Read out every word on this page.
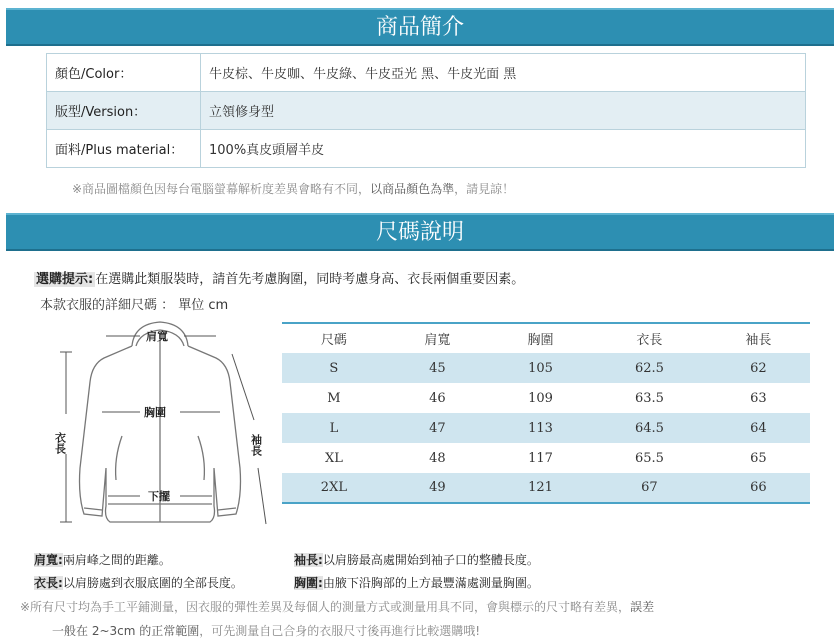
商品簡介
顏色/Color：	牛皮棕、牛皮咖、牛皮綠、牛皮亞光 黑、牛皮光面 黑
版型/Version：	立領修身型
面料/Plus material：	100%真皮頭層羊皮
※商品圖檔顏色因每台電腦螢幕解析度差異會略有不同，以商品顏色為準，請見諒！
尺碼說明
選購提示: 在選購此類服裝時，請首先考慮胸圍，同時考慮身高、衣長兩個重要因素。
本款衣服的詳細尺碼 ： 單位 cm
肩寬
胸圍
下擺
衣長	袖長
尺碼	肩寬	胸圍	衣長	袖長
S	45	105	62.5	62
M	46	109	63.5	63
L	47	113	64.5	64
XL	48	117	65.5	65
2XL	49	121	67	66
肩寬:兩肩峰之間的距離。	袖長:以肩膀最高處開始到袖子口的整體長度。
衣長:以肩膀處到衣服底圍的全部長度。	胸圍:由腋下沿胸部的上方最豐滿處測量胸圍。
※所有尺寸均為手工平鋪測量，因衣服的彈性差異及每個人的測量方式或測量用具不同，會與標示的尺寸略有差異，誤差
一般在 2~3cm 的正常範圍，可先測量自己合身的衣服尺寸後再進行比較選購哦!
